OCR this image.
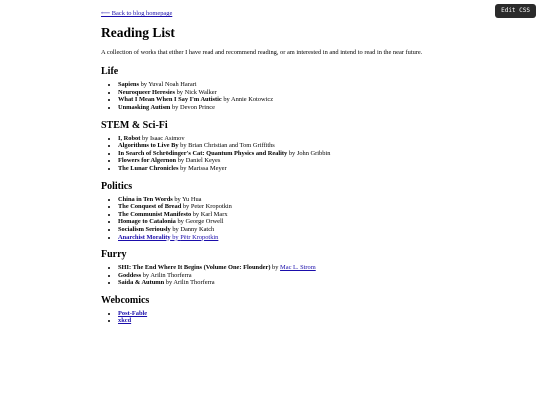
Edit CSS
⟵ Back to blog homepage
Reading List

A collection of works that either I have read and recommend reading, or am interested in and intend to read in the near future.

Life
• Sapiens by Yuval Noah Harari
• Neuroqueer Heresies by Nick Walker
• What I Mean When I Say I'm Autistic by Annie Kotowicz
• Unmasking Autism by Devon Prince
STEM & Sci-Fi
• I, Robot by Isaac Asimov
• Algorithms to Live By by Brian Christian and Tom Griffiths
• In Search of Schrödinger's Cat: Quantum Physics and Reality by John Gribbin
• Flowers for Algernon by Daniel Keyes
• The Lunar Chronicles by Marissa Meyer
Politics
• China in Ten Words by Yu Hua
• The Conquest of Bread by Peter Kropotkin
• The Communist Manifesto by Karl Marx
• Homage to Catalonia by George Orwell
• Socialism Seriously by Danny Katch
• Anarchist Morality by Pëtr Kropotkin
Furry
• SHI: The End Where It Begins (Volume One: Flounder) by Mac L. Strom
• Goddess by Arilin Thorferra
• Saida & Autumn by Arilin Thorferra
Webcomics
• Post-Fable
• xkcd
